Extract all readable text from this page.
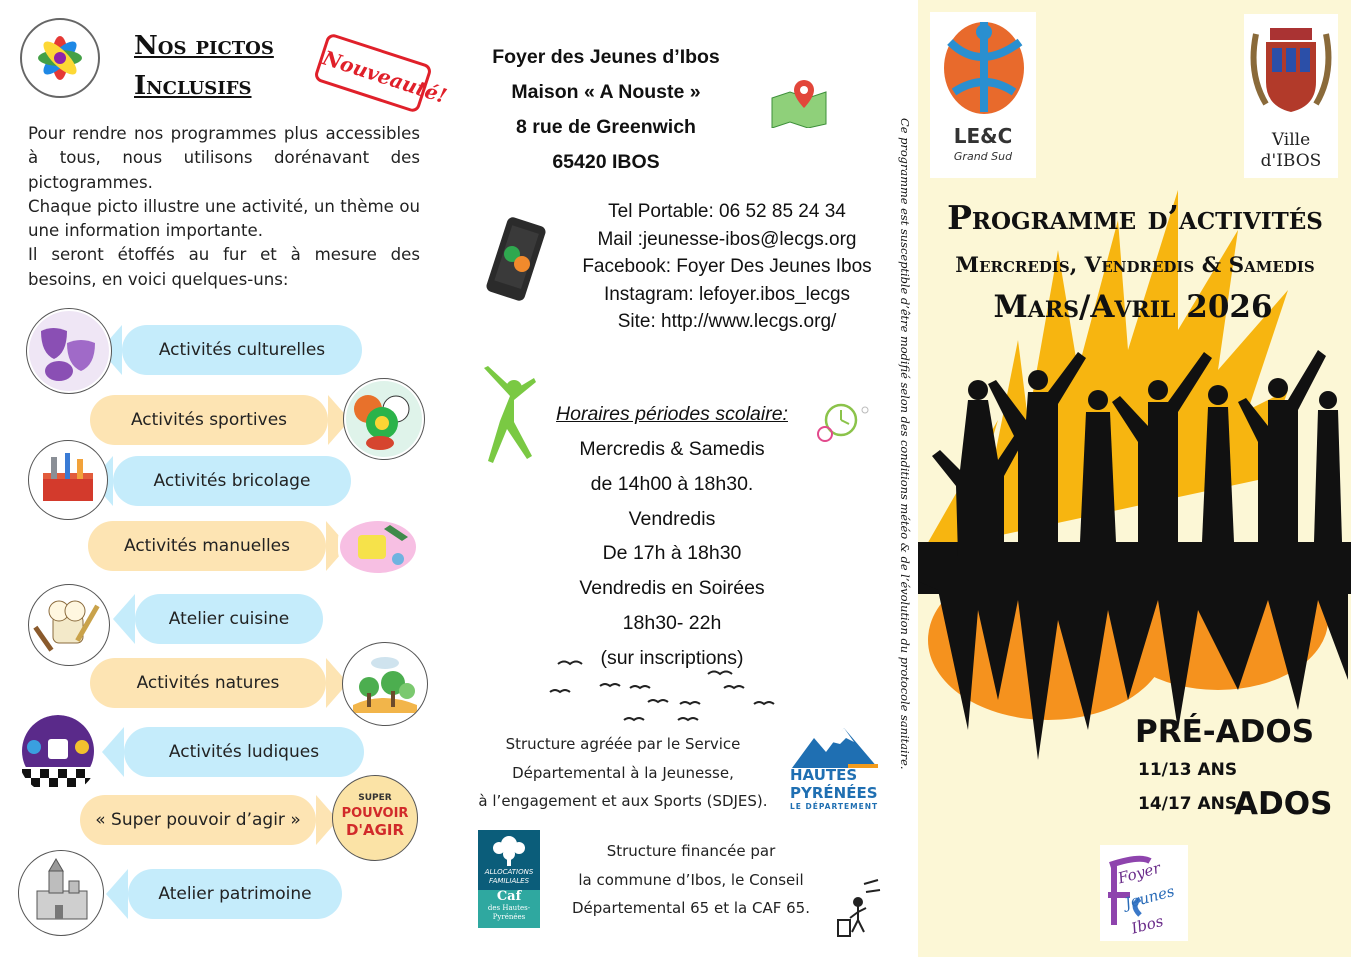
Nos pictos
Inclusifs	Nouveauté!

Pour rendre nos programmes plus accessibles à tous, nous utilisons dorénavant des pictogrammes.

Chaque picto illustre une activité, un thème ou une information importante.

Il seront étoffés au fur et à mesure des besoins, en voici quelques-uns:

Activités culturelles
Activités sportives
Activités bricolage
Activités manuelles
Atelier cuisine
Activités natures
Activités ludiques
« Super pouvoir d’agir »
Atelier patrimoine
SUPER
POUVOIR
D'AGIR
Foyer des Jeunes d’Ibos
Maison « A Nouste »
8 rue de Greenwich
65420 IBOS
Tel Portable: 06 52 85 24 34
Mail :jeunesse-ibos@lecgs.org
Facebook: Foyer Des Jeunes Ibos
Instagram: lefoyer.ibos_lecgs
Site: http://www.lecgs.org/
Horaires périodes scolaire:
Mercredis & Samedis
de 14h00 à 18h30.
Vendredis
De 17h à 18h30
Vendredis en Soirées
18h30- 22h
(sur inscriptions)
Structure agréée par le Service
Départemental à la Jeunesse,
à l’engagement et aux Sports (SDJES).
HAUTES
PYRÉNÉES
LE DÉPARTEMENT
ALLOCATIONS
FAMILIALES
Caf
des Hautes-
Pyrénées
Structure financée par
la commune d’Ibos, le Conseil
Départemental 65 et la CAF 65.
Ce programme est susceptible d’être modifié selon des conditions météo & de l’évolution du protocole sanitaire.	LE&C
Grand Sud
Ville
d'IBOS
Programme d’activités
Mercredis, Vendredis & Samedis
Mars/Avril 2026
PRÉ-ADOS
11/13 ANS
14/17 ANS
ADOS
Foyer
Jeunes
Ibos
